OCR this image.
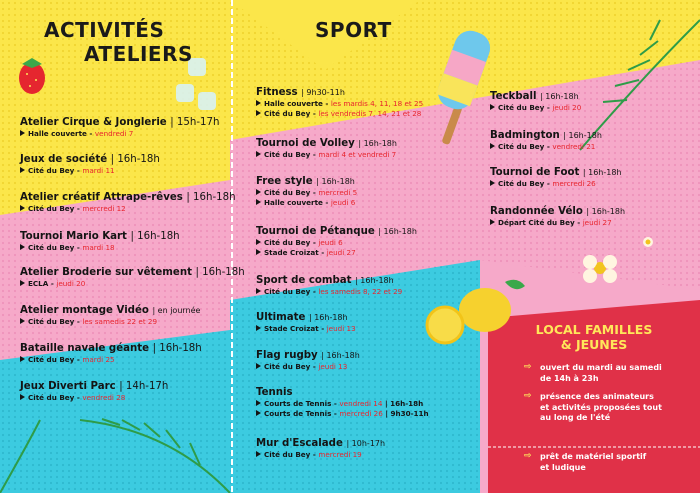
ACTIVITÉS
ATELIERS
SPORT
Atelier Cirque & Jonglerie | 15h-17h
Halle couverte - vendredi 7
Jeux de société | 16h-18h
Cité du Bey - mardi 11
Atelier créatif Attrape-rêves | 16h-18h
Cité du Bey - mercredi 12
Tournoi Mario Kart | 16h-18h
Cité du Bey - mardi 18
Atelier Broderie sur vêtement | 16h-18h
ECLA - jeudi 20
Atelier montage Vidéo | en journée
Cité du Bey - les samedis 22 et 29
Bataille navale géante | 16h-18h
Cité du Bey - mardi 25
Jeux Diverti Parc | 14h-17h
Cité du Bey - vendredi 28
Fitness | 9h30-11h
Halle couverte - les mardis 4, 11, 18 et 25
Cité du Bey - les vendredis 7, 14, 21 et 28
Tournoi de Volley | 16h-18h
Cité du Bey - mardi 4 et vendredi 7
Free style | 16h-18h
Cité du Bey - mercredi 5
Halle couverte - jeudi 6
Tournoi de Pétanque | 16h-18h
Cité du Bey - jeudi 6
Stade Croizat - jeudi 27
Sport de combat | 16h-18h
Cité du Bey - les samedis 8, 22 et 29
Ultimate | 16h-18h
Stade Croizat - jeudi 13
Flag rugby | 16h-18h
Cité du Bey - jeudi 13
Tennis
Courts de Tennis - vendredi 14 | 16h-18h
Courts de Tennis - mercredi 26 | 9h30-11h
Mur d'Escalade | 10h-17h
Cité du Bey - mercredi 19
Teckball | 16h-18h
Cité du Bey - jeudi 20
Badmington | 16h-18h
Cité du Bey - vendredi 21
Tournoi de Foot | 16h-18h
Cité du Bey - mercredi 26
Randonnée Vélo | 16h-18h
Départ Cité du Bey - jeudi 27
LOCAL FAMILLES
& JEUNES
⇨ ouvert du mardi au samedi
de 14h à 23h
⇨ présence des animateurs
et activités proposées tout
au long de l'été
⇨ prêt de matériel sportif
et ludique
